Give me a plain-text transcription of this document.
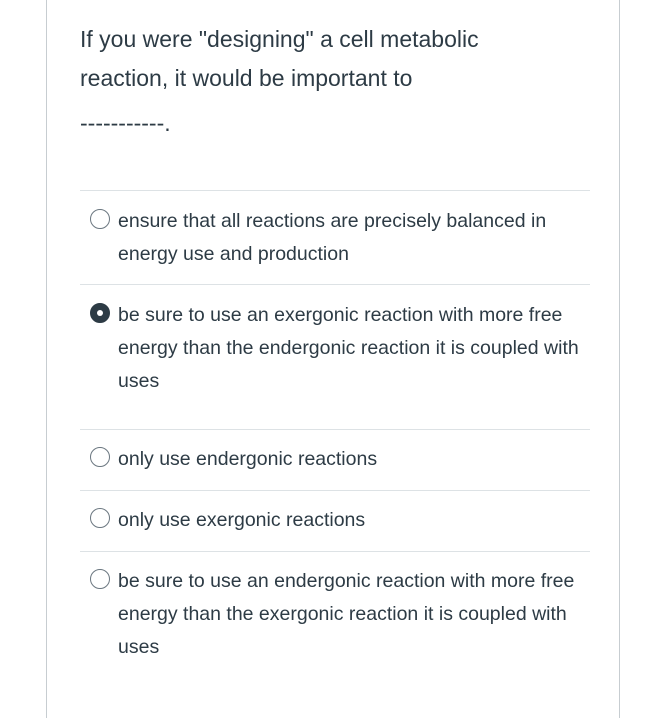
If you were "designing" a cell metabolic

reaction, it would be important to

-----------.

ensure that all reactions are precisely balanced in energy use and production
be sure to use an exergonic reaction with more free energy than the endergonic reaction it is coupled with uses
only use endergonic reactions
only use exergonic reactions
be sure to use an endergonic reaction with more free energy than the exergonic reaction it is coupled with uses
